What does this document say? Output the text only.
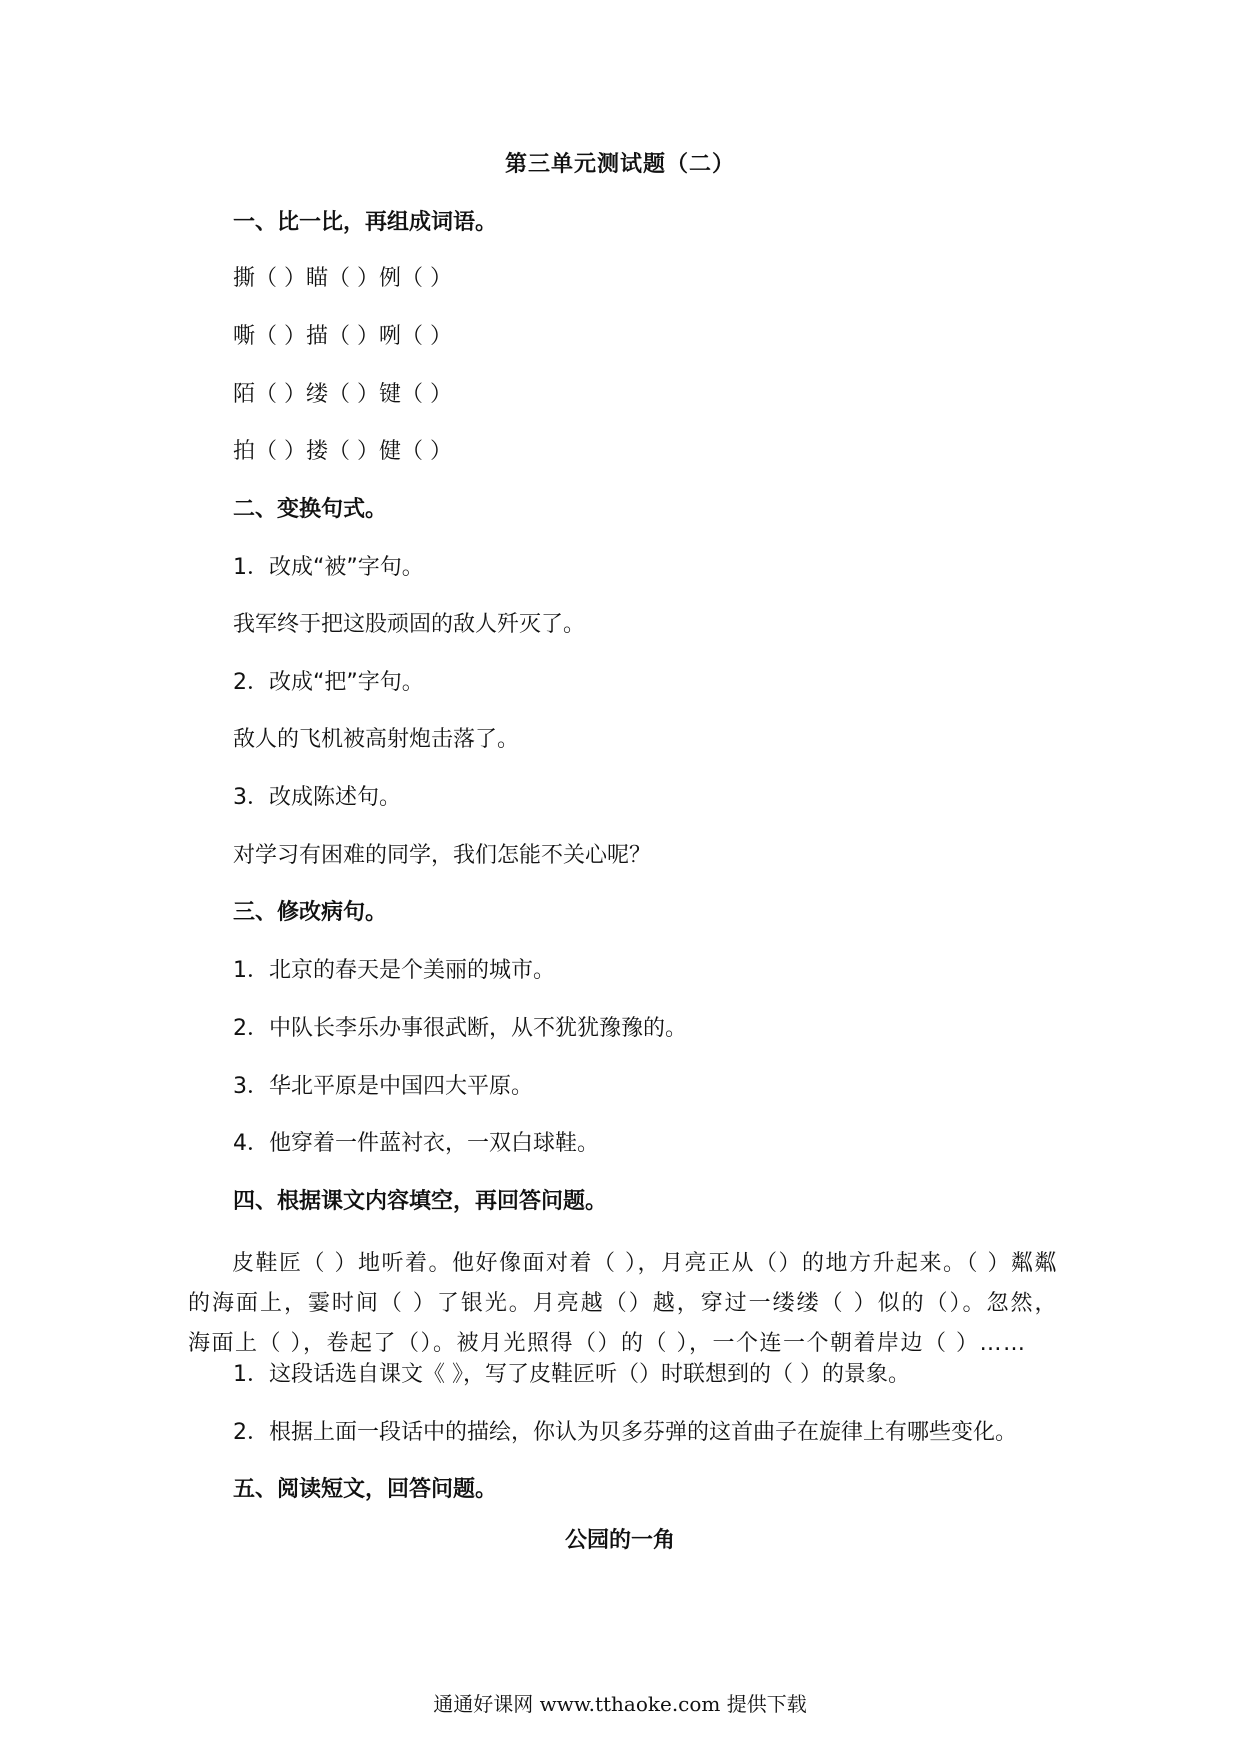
第三单元测试题（二）
一、比一比，再组成词语。
撕（ ）瞄（ ）例（ ）
嘶（ ）描（ ）咧（ ）
陌（ ）缕（ ）键（ ）
拍（ ）搂（ ）健（ ）
二、变换句式。
1．改成“被”字句。
我军终于把这股顽固的敌人歼灭了。
2．改成“把”字句。
敌人的飞机被高射炮击落了。
3．改成陈述句。
对学习有困难的同学，我们怎能不关心呢？
三、修改病句。
1．北京的春天是个美丽的城市。
2．中队长李乐办事很武断，从不犹犹豫豫的。
3．华北平原是中国四大平原。
4．他穿着一件蓝衬衣，一双白球鞋。
四、根据课文内容填空，再回答问题。
皮鞋匠（ ）地听着。他好像面对着（ ），月亮正从（）的地方升起来。（ ）粼粼的海面上，霎时间（ ）了银光。月亮越（）越，穿过一缕缕（ ）似的（）。忽然，海面上（ ），卷起了（）。被月光照得（）的（ ），一个连一个朝着岸边（ ）……
1．这段话选自课文《 》，写了皮鞋匠听（）时联想到的（ ）的景象。
2．根据上面一段话中的描绘，你认为贝多芬弹的这首曲子在旋律上有哪些变化。
五、阅读短文，回答问题。
公园的一角
通通好课网 www.tthaoke.com 提供下载
